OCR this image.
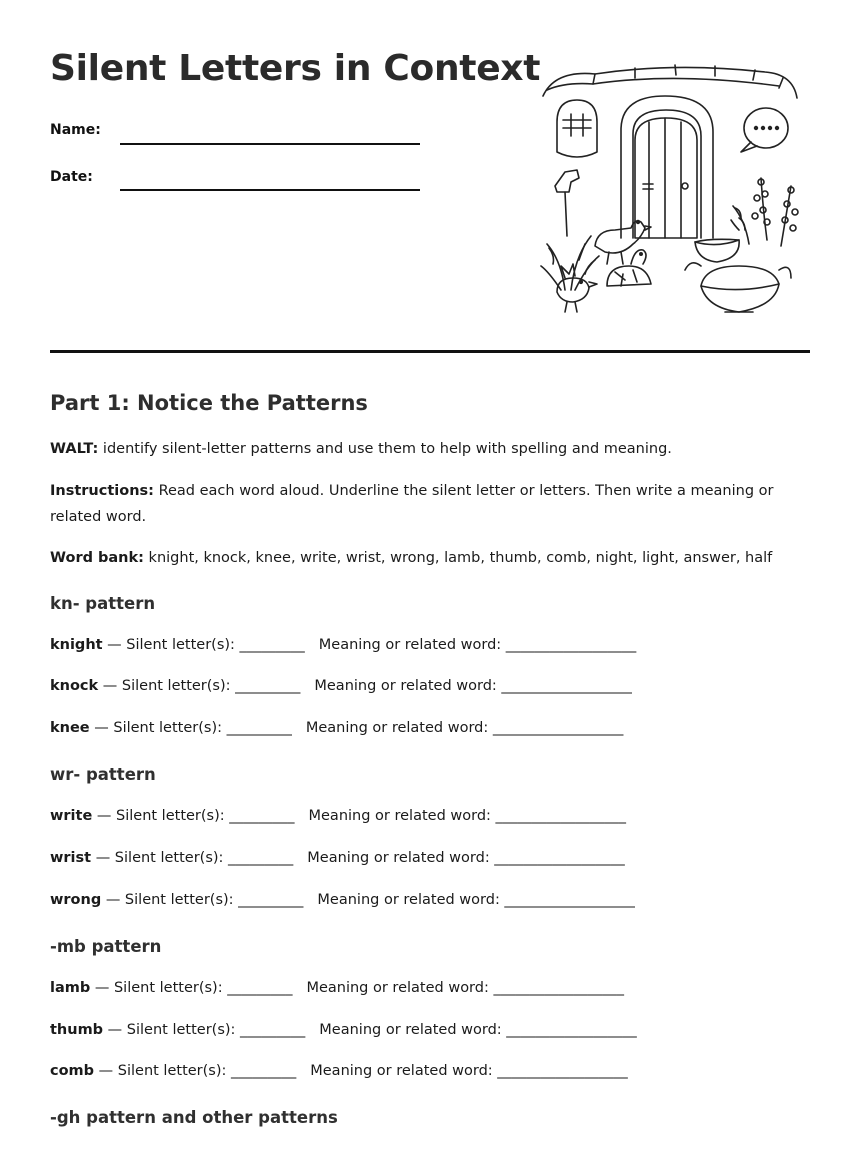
Silent Letters in Context
Name:
Date:
Part 1: Notice the Patterns

WALT: identify silent-letter patterns and use them to help with spelling and meaning.

Instructions: Read each word aloud. Underline the silent letter or letters. Then write a meaning or related word.

Word bank: knight, knock, knee, write, wrist, wrong, lamb, thumb, comb, night, light, answer, half

kn- pattern
knight — Silent letter(s): _________ Meaning or related word: __________________
knock — Silent letter(s): _________ Meaning or related word: __________________
knee — Silent letter(s): _________ Meaning or related word: __________________
wr- pattern
write — Silent letter(s): _________ Meaning or related word: __________________
wrist — Silent letter(s): _________ Meaning or related word: __________________
wrong — Silent letter(s): _________ Meaning or related word: __________________
-mb pattern
lamb — Silent letter(s): _________ Meaning or related word: __________________
thumb — Silent letter(s): _________ Meaning or related word: __________________
comb — Silent letter(s): _________ Meaning or related word: __________________
-gh pattern and other patterns
